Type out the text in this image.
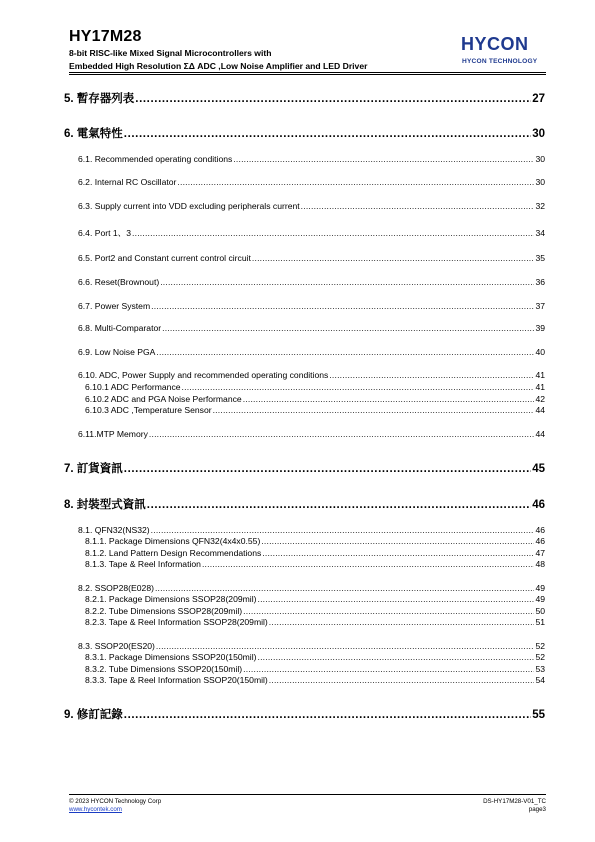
HY17M28
8-bit RISC-like Mixed Signal Microcontrollers with
Embedded High Resolution ΣΔ ADC ,Low Noise Amplifier and LED Driver
HYCON
HYCON TECHNOLOGY
5. 暫存器列表 .....	27
6. 電氣特性 .....	30
6.1. Recommended operating conditions .....	30
6.2. Internal RC Oscillator .....	30
6.3. Supply current into VDD excluding peripherals current .....	32
6.4. Port 1、3 .....	34
6.5. Port2 and Constant current control circuit .....	35
6.6. Reset(Brownout) .....	36
6.7. Power System .....	37
6.8. Multi-Comparator .....	39
6.9. Low Noise PGA .....	40
6.10. ADC, Power Supply and recommended operating conditions .....	41
6.10.1 ADC Performance .....	41
6.10.2 ADC and PGA Noise Performance .....	42
6.10.3 ADC ,Temperature Sensor .....	44
6.11.MTP Memory .....	44
7. 訂貨資訊 .....	45
8. 封裝型式資訊 .....	46
8.1. QFN32(NS32) .....	46
8.1.1. Package Dimensions QFN32(4x4x0.55) .....	46
8.1.2. Land Pattern Design Recommendations .....	47
8.1.3. Tape & Reel Information .....	48
8.2. SSOP28(E028) .....	49
8.2.1. Package Dimensions SSOP28(209mil) .....	49
8.2.2. Tube Dimensions SSOP28(209mil) .....	50
8.2.3. Tape & Reel Information SSOP28(209mil) .....	51
8.3. SSOP20(ES20) .....	52
8.3.1. Package Dimensions SSOP20(150mil) .....	52
8.3.2. Tube Dimensions SSOP20(150mil) .....	53
8.3.3. Tape & Reel Information SSOP20(150mil) .....	54
9. 修訂記錄 .....	55
© 2023 HYCON Technology Corp
www.hycontek.com
DS-HY17M28-V01_TC
page3
